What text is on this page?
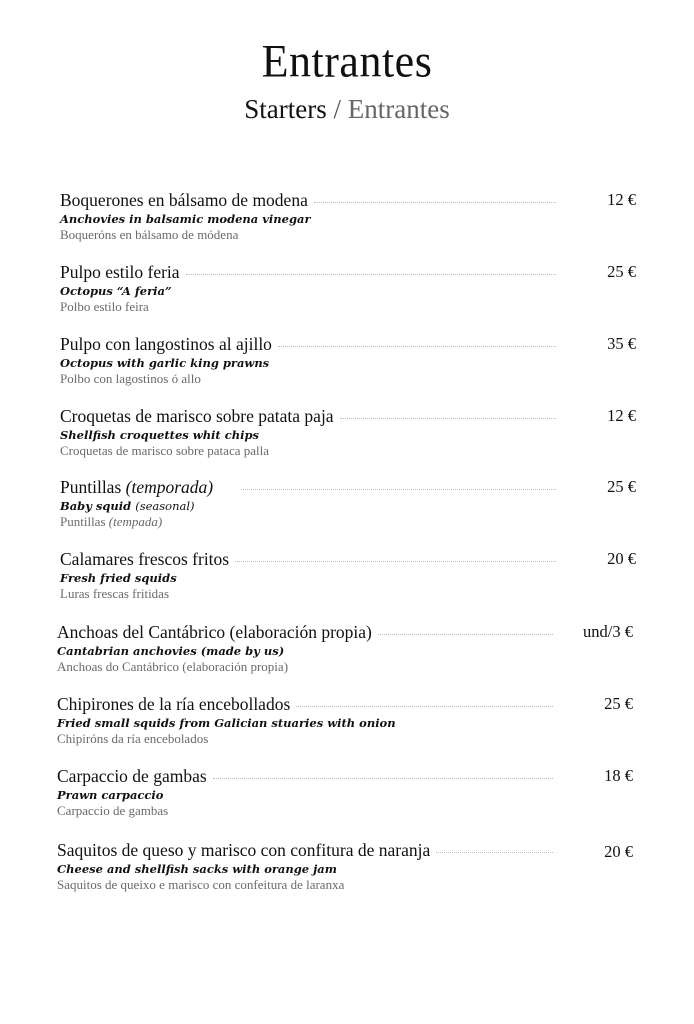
Entrantes
Starters / Entrantes
Boquerones en bálsamo de modena	12 €
Anchovies in balsamic modena vinegar
Boqueróns en bálsamo de módena
Pulpo estilo feria	25 €
Octopus “A feria”
Polbo estilo feira
Pulpo con langostinos al ajillo	35 €
Octopus with garlic king prawns
Polbo con lagostinos ó allo
Croquetas de marisco sobre patata paja	12 €
Shellfish croquettes whit chips
Croquetas de marisco sobre pataca palla
Puntillas (temporada)	25 €
Baby squid (seasonal)
Puntillas (tempada)
Calamares frescos fritos	20 €
Fresh fried squids
Luras frescas fritidas
Anchoas del Cantábrico (elaboración propia)	und/3 €
Cantabrian anchovies (made by us)
Anchoas do Cantábrico (elaboración propia)
Chipirones de la ría encebollados	25 €
Fried small squids from Galician stuaries with onion
Chipiróns da ría encebolados
Carpaccio de gambas	18 €
Prawn carpaccio
Carpaccio de gambas
Saquitos de queso y marisco con confitura de naranja	20 €
Cheese and shellfish sacks with orange jam
Saquitos de queixo e marisco con confeitura de laranxa
